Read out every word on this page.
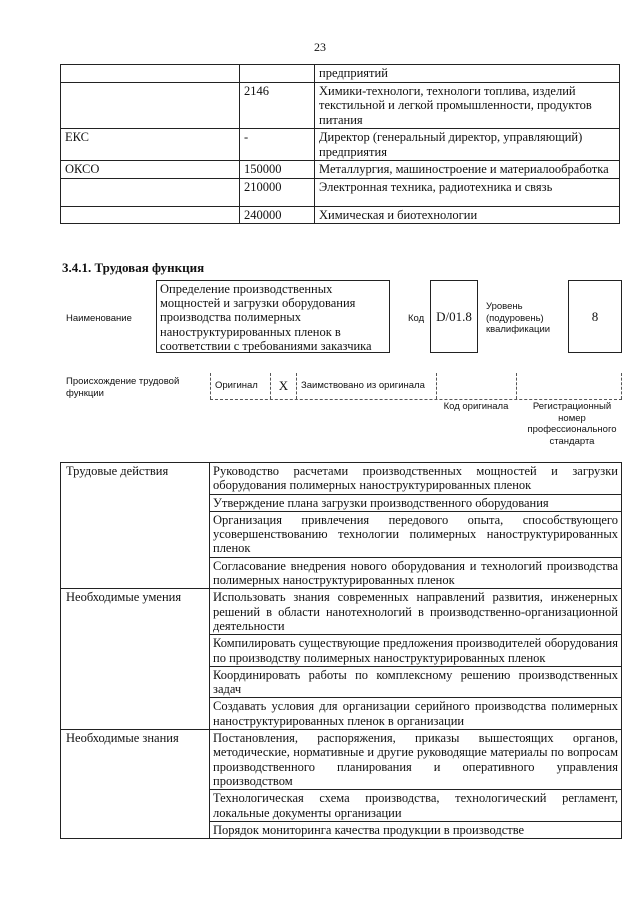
23
		предприятий
	2146	Химики-технологи, технологи топлива, изделий текстильной и легкой промышленности, продуктов питания
ЕКС	-	Директор (генеральный директор, управляющий) предприятия
ОКСО	150000	Металлургия, машиностроение и материалообработка
	210000	Электронная техника, радиотехника и связь
	240000	Химическая и биотехнологии
3.4.1. Трудовая функция
Наименование
Определение производственных мощностей и загрузки оборудования производства полимерных наноструктурированных пленок в соответствии с требованиями заказчика
Код D/01.8
Уровень (подуровень) квалификации
8
Происхождение трудовой функции
Оригинал	X	Заимствовано из оригинала
Код оригинала	Регистрационный номер профессионального стандарта
Трудовые действия	Руководство расчетами производственных мощностей и загрузки оборудования полимерных наноструктурированных пленок
	Утверждение плана загрузки производственного оборудования
	Организация привлечения передового опыта, способствующего усовершенствованию технологии полимерных наноструктурированных пленок
	Согласование внедрения нового оборудования и технологий производства полимерных наноструктурированных пленок
Необходимые умения	Использовать знания современных направлений развития, инженерных решений в области нанотехнологий в производственно-организационной деятельности
	Компилировать существующие предложения производителей оборудования по производству полимерных наноструктурированных пленок
	Координировать работы по комплексному решению производственных задач
	Создавать условия для организации серийного производства полимерных наноструктурированных пленок в организации
Необходимые знания	Постановления, распоряжения, приказы вышестоящих органов, методические, нормативные и другие руководящие материалы по вопросам производственного планирования и оперативного управления производством
	Технологическая схема производства, технологический регламент, локальные документы организации
	Порядок мониторинга качества продукции в производстве
